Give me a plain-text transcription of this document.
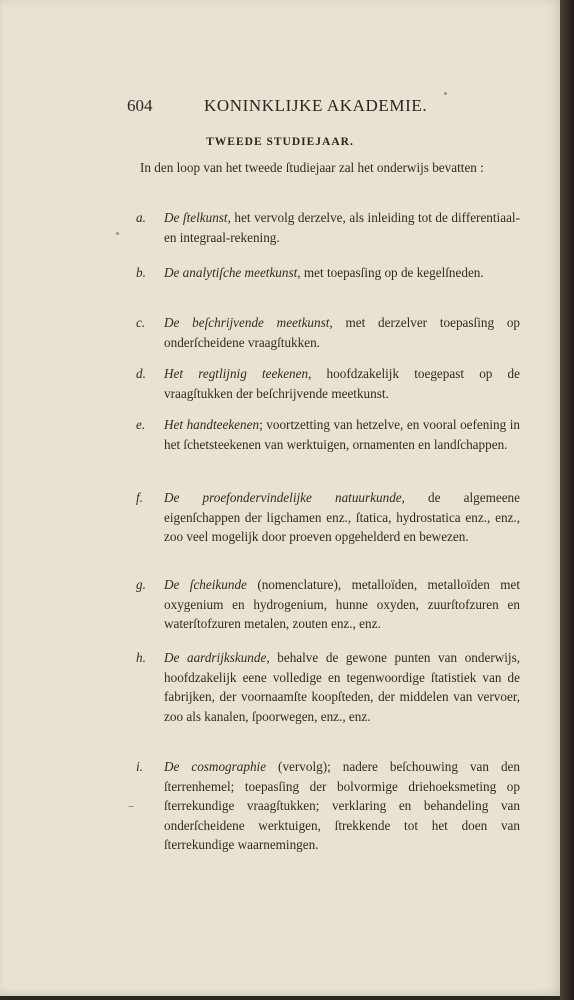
604	KONINKLIJKE AKADEMIE.
TWEEDE STUDIEJAAR.
In den loop van het tweede ſtudiejaar zal het onderwijs bevatten :
a.	De ſtelkunst, het vervolg derzelve, als inleiding tot de differentiaal- en integraal-rekening.
b.	De analytiſche meetkunst, met toepasſing op de kegelſneden.
c.	De beſchrijvende meetkunst, met derzelver toepasſing op onderſcheidene vraagſtukken.
d.	Het regtlijnig teekenen, hoofdzakelijk toegepast op de vraagſtukken der beſchrijvende meetkunst.
e.	Het handteekenen; voortzetting van hetzelve, en vooral oefening in het ſchetsteekenen van werktuigen, ornamenten en landſchappen.
f.	De proefondervindelijke natuurkunde, de algemeene eigenſchappen der ligchamen enz., ſtatica, hydrostatica enz., enz., zoo veel mogelijk door proeven opgehelderd en bewezen.
g.	De ſcheikunde (nomenclature), metalloïden, metalloïden met oxygenium en hydrogenium, hunne oxyden, zuurſtofzuren en waterſtofzuren metalen, zouten enz., enz.
h.	De aardrijkskunde, behalve de gewone punten van onderwijs, hoofdzakelijk eene volledige en tegenwoordige ſtatistiek van de fabrijken, der voornaamſte koopſteden, der middelen van vervoer, zoo als kanalen, ſpoorwegen, enz., enz.
i.	De cosmographie (vervolg); nadere beſchouwing van den ſterrenhemel; toepasſing der bolvormige driehoeksmeting op ſterrekundige vraagſtukken; verklaring en behandeling van onderſcheidene werktuigen, ſtrekkende tot het doen van ſterrekundige waarnemingen.
